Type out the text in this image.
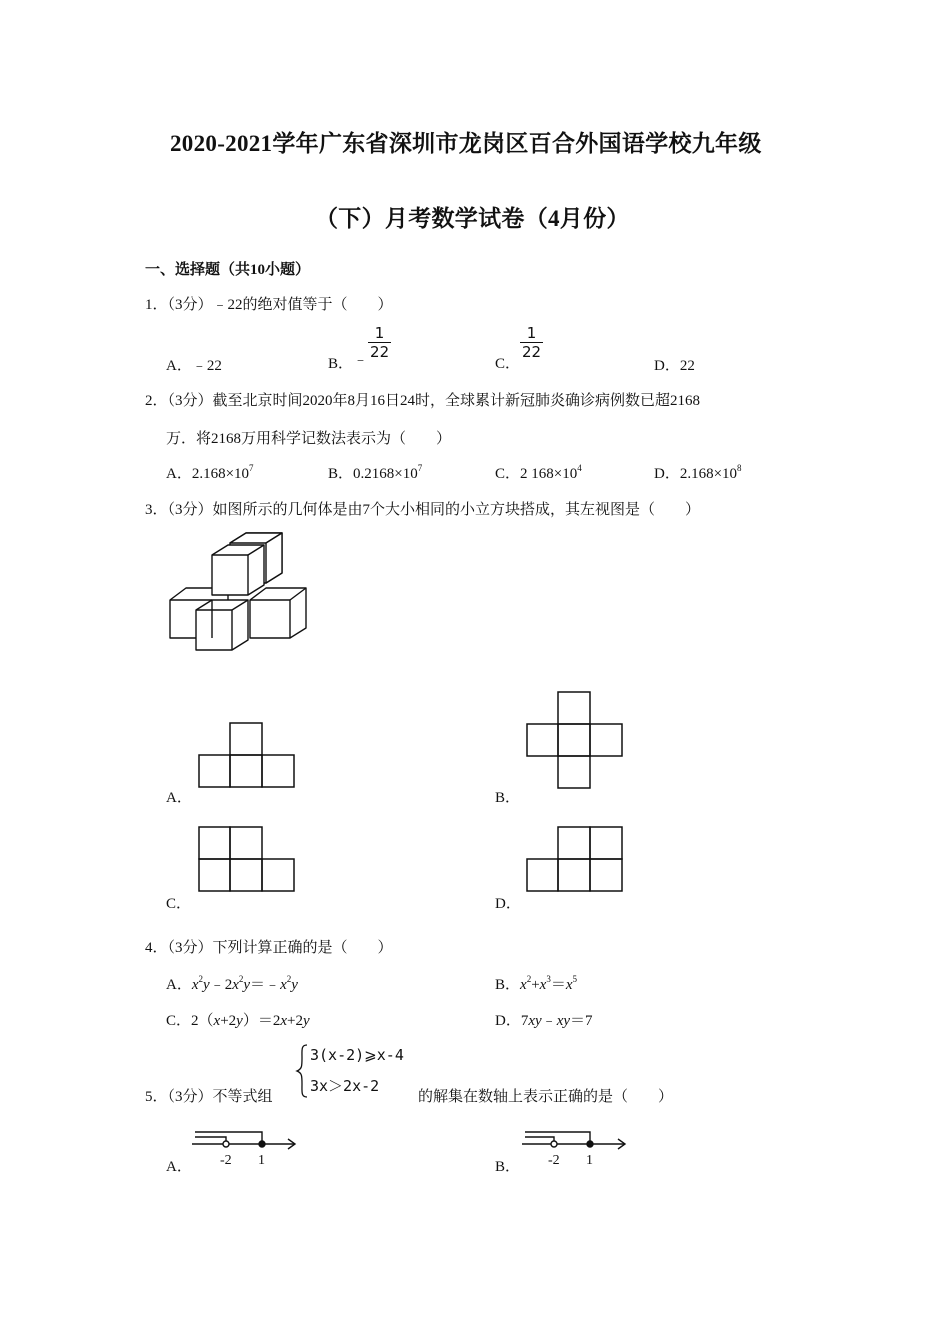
2020-2021学年广东省深圳市龙岗区百合外国语学校九年级
（下）月考数学试卷（4月份）
一、选择题（共10小题）
1．（3分）﹣22的绝对值等于（　　）
A．﹣22	B．﹣ $\frac{1}{22}$
C．
$\frac{1}{22}$
D．22
2．（3分）截至北京时间2020年8月16日24时，全球累计新冠肺炎确诊病例数已超2168
万．将2168万用科学记数法表示为（　　）
A．$2.168\times 10^7$	B．$0.2168\times 10^7$	C．2 $168\times 10^4$	D．$2.168\times 10^8$
3．（3分）如图所示的几何体是由7个大小相同的小立方块搭成，其左视图是（　　）
A．	B．
C．	D．
4．（3分）下列计算正确的是（　　）
A．$x^2y﹣2x^2y=﹣x^2y$	B．$x^2+x^3=x^5$
C．2（x+2y）＝2x+2y	D．7xy﹣xy＝7
5．（3分）不等式组
3(x-2)⩾x-4
3x＞2x-2
的解集在数轴上表示正确的是（　　）
-2 1
A．	-2 1
B．
